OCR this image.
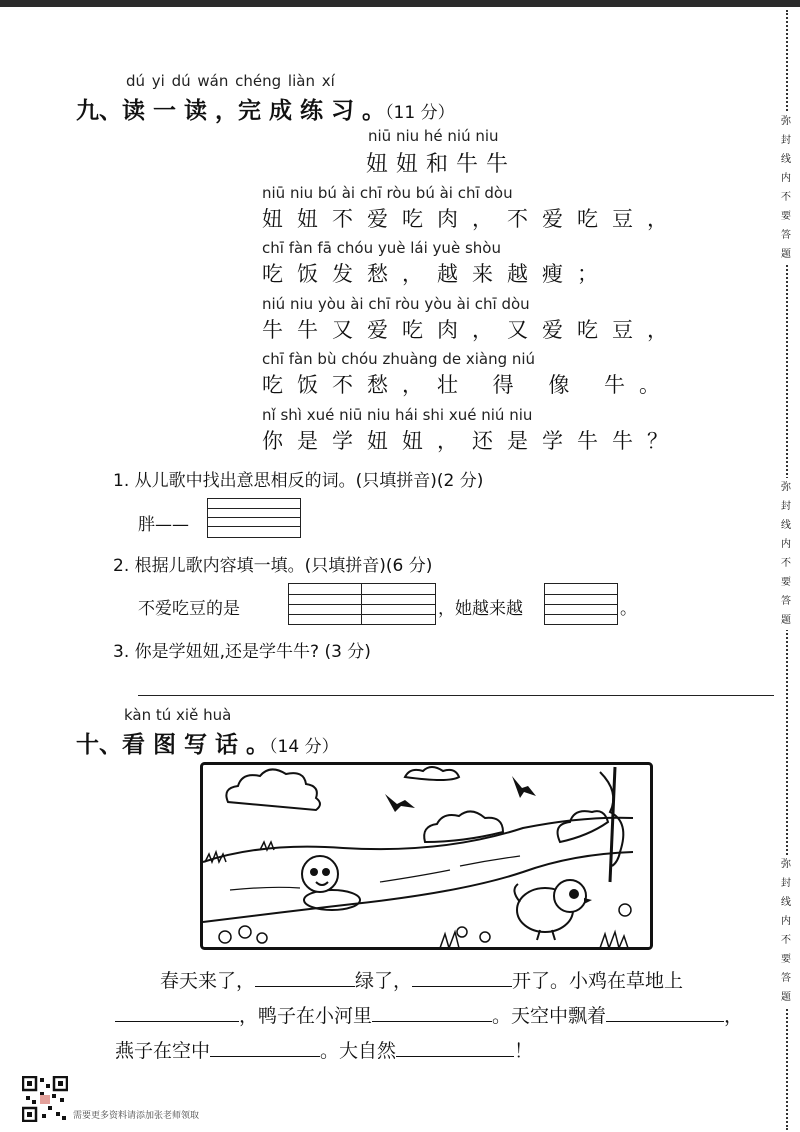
弥
封
线
内
不
要
答
题
弥
封
线
内
不
要
答
题
弥
封
线
内
不
要
答
题
dú yi dú wán chéng liàn xí
九、读 一 读 ，完 成 练 习 。（11 分）
niū niu hé niú niu
妞妞和牛牛
niū niu bú ài chī ròu bú ài chī dòu
妞妞不爱吃肉，不爱吃豆，
chī fàn fā chóu yuè lái yuè shòu
吃饭发愁，越来越瘦；
niú niu yòu ài chī ròu yòu ài chī dòu
牛牛又爱吃肉，又爱吃豆，
chī fàn bù chóu zhuàng de xiàng niú
吃饭不愁，壮 得 像 牛。
nǐ shì xué niū niu hái shi xué niú niu
你是学妞妞，还是学牛牛？
1. 从儿歌中找出意思相反的词。(只填拼音)(2 分)
胖——
2. 根据儿歌内容填一填。(只填拼音)(6 分)
不爱吃豆的是	，她越来越	。
3. 你是学妞妞,还是学牛牛? (3 分)
kàn tú xiě huà
十、看 图 写 话 。（14 分）
春天来了，	绿了，	开了。小鸡在草地上
，鸭子在小河里	。天空中飘着	，
燕子在空中	。大自然	！
需要更多资料请添加张老师领取
